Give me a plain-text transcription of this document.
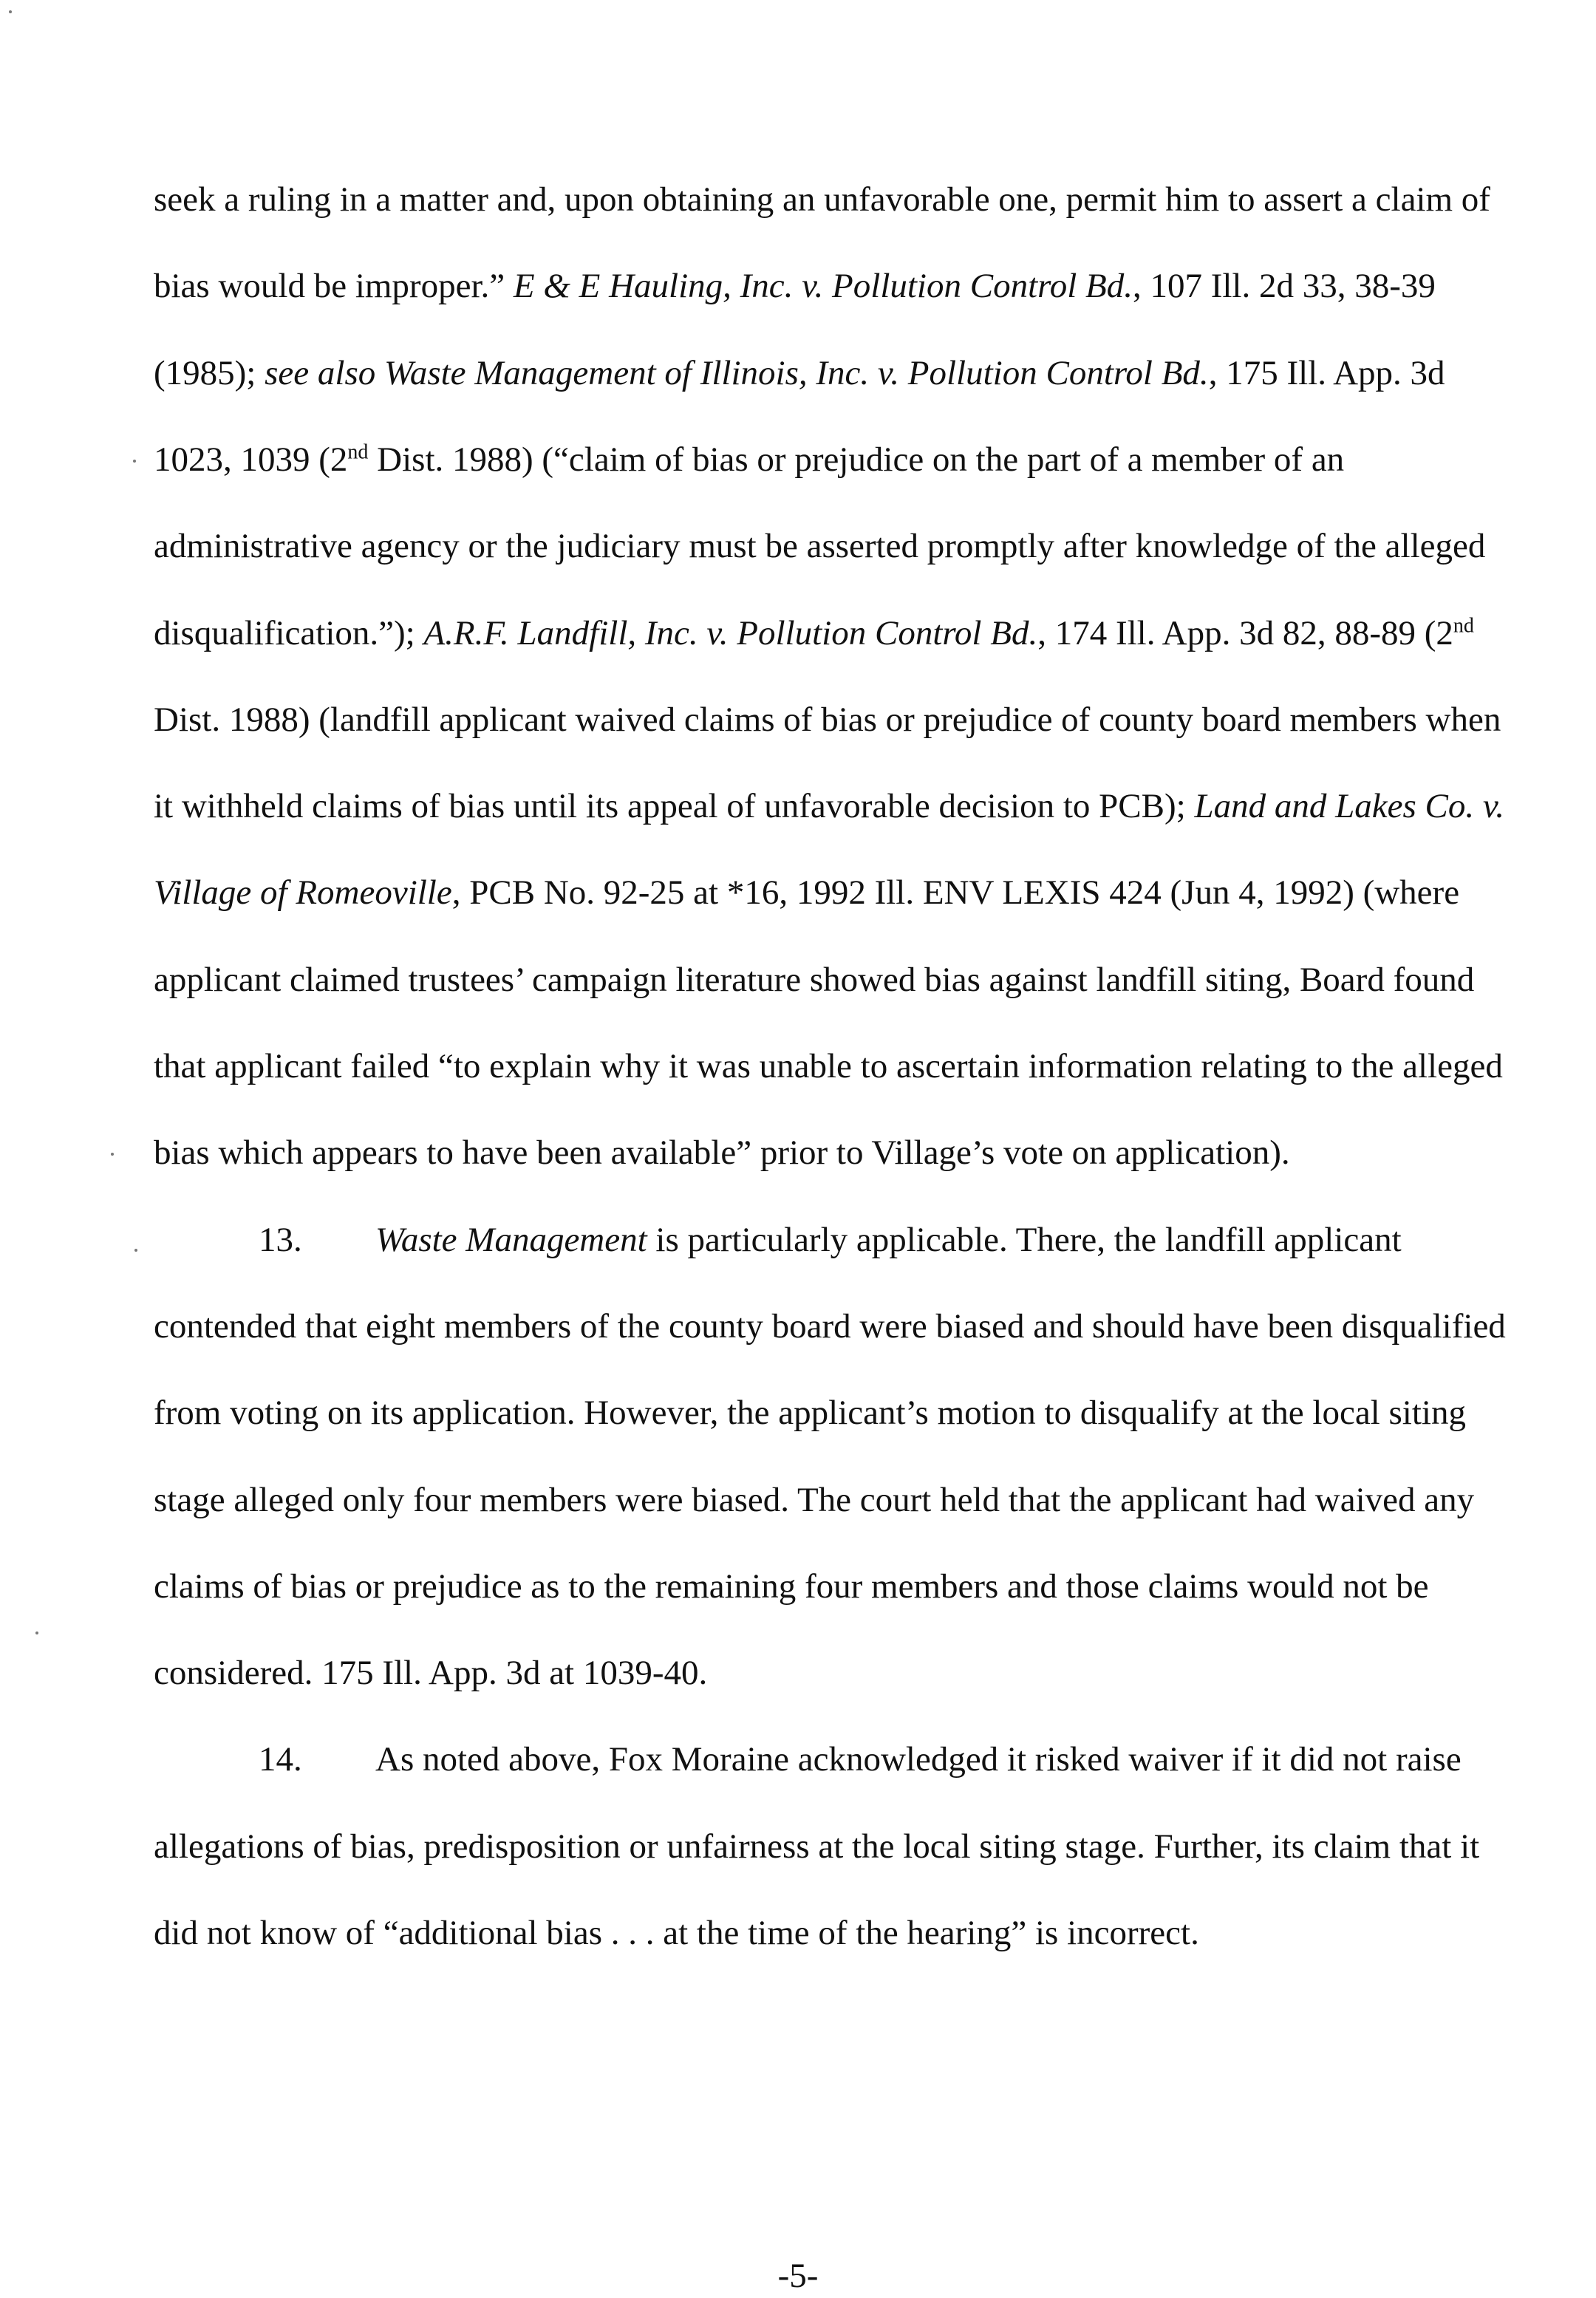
seek a ruling in a matter and, upon obtaining an unfavorable one, permit him to assert a claim of
bias would be improper.” E & E Hauling, Inc. v. Pollution Control Bd., 107 Ill. 2d 33, 38-39
(1985); see also Waste Management of Illinois, Inc. v. Pollution Control Bd., 175 Ill. App. 3d
1023, 1039 (2nd Dist. 1988) (“claim of bias or prejudice on the part of a member of an
administrative agency or the judiciary must be asserted promptly after knowledge of the alleged
disqualification.”); A.R.F. Landfill, Inc. v. Pollution Control Bd., 174 Ill. App. 3d 82, 88-89 (2nd
Dist. 1988) (landfill applicant waived claims of bias or prejudice of county board members when
it withheld claims of bias until its appeal of unfavorable decision to PCB); Land and Lakes Co. v.
Village of Romeoville, PCB No. 92-25 at *16, 1992 Ill. ENV LEXIS 424 (Jun 4, 1992) (where
applicant claimed trustees’ campaign literature showed bias against landfill siting, Board found
that applicant failed “to explain why it was unable to ascertain information relating to the alleged
bias which appears to have been available” prior to Village’s vote on application).
13. Waste Management is particularly applicable. There, the landfill applicant
contended that eight members of the county board were biased and should have been disqualified
from voting on its application. However, the applicant’s motion to disqualify at the local siting
stage alleged only four members were biased. The court held that the applicant had waived any
claims of bias or prejudice as to the remaining four members and those claims would not be
considered. 175 Ill. App. 3d at 1039-40.
14. As noted above, Fox Moraine acknowledged it risked waiver if it did not raise
allegations of bias, predisposition or unfairness at the local siting stage. Further, its claim that it
did not know of “additional bias . . . at the time of the hearing” is incorrect.
-5-
